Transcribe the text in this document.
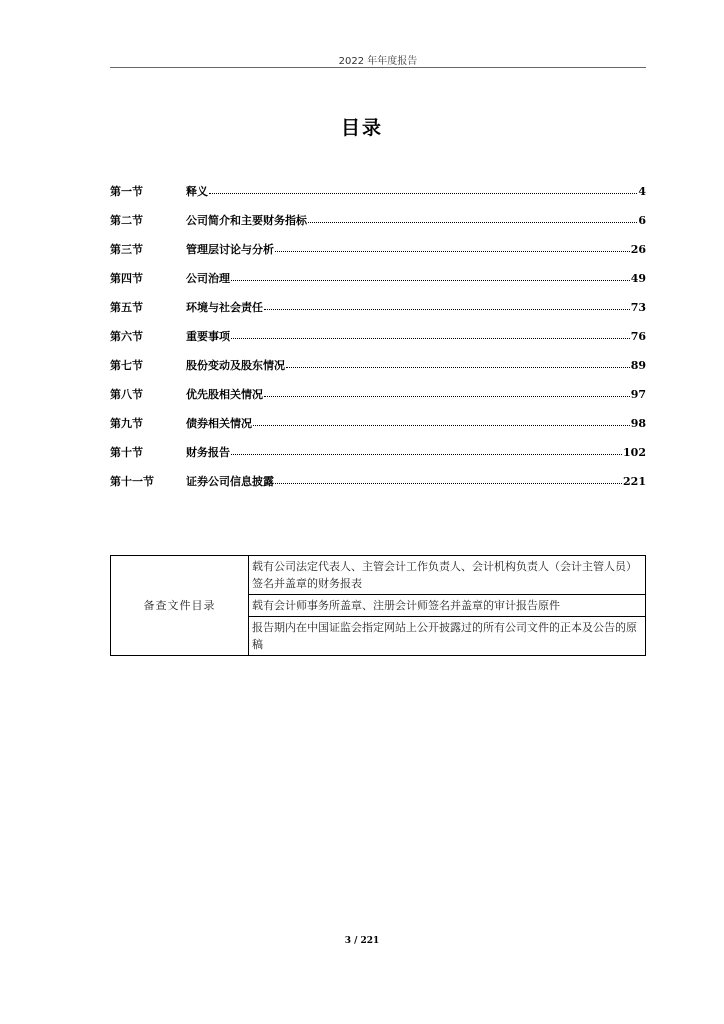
2022 年年度报告
目录
第一节	释义	4
第二节	公司简介和主要财务指标	6
第三节	管理层讨论与分析	26
第四节	公司治理	49
第五节	环境与社会责任	73
第六节	重要事项	76
第七节	股份变动及股东情况	89
第八节	优先股相关情况	97
第九节	债券相关情况	98
第十节	财务报告	102
第十一节	证券公司信息披露	221
备查文件目录	载有公司法定代表人、主管会计工作负责人、会计机构负责人（会计主管人员）签名并盖章的财务报表
载有会计师事务所盖章、注册会计师签名并盖章的审计报告原件
报告期内在中国证监会指定网站上公开披露过的所有公司文件的正本及公告的原稿
3 / 221
